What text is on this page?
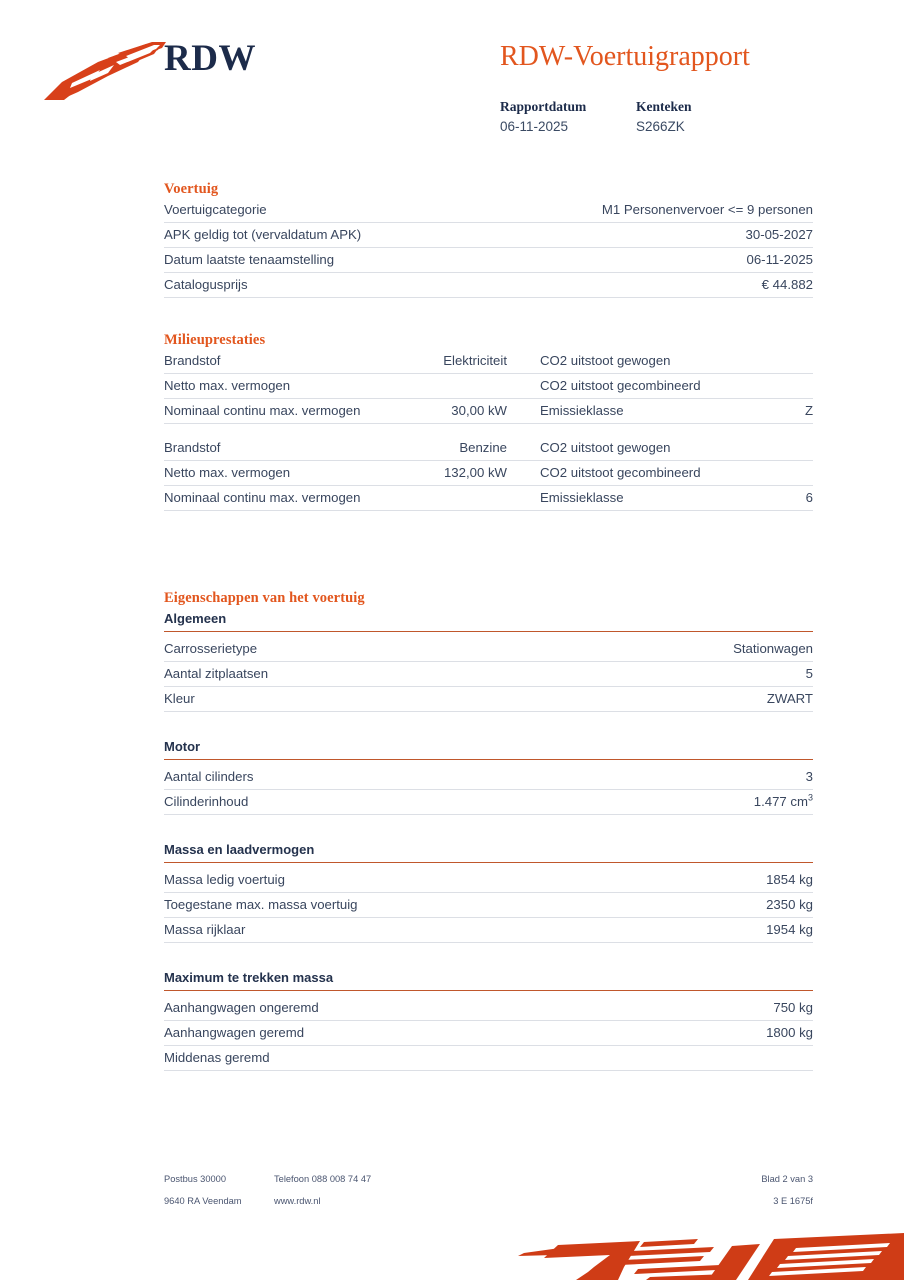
RDW	RDW-Voertuigrapport
Rapportdatum	Kenteken
06-11-2025	S266ZK
Voertuig
Voertuigcategorie	M1 Personenvervoer <= 9 personen
APK geldig tot (vervaldatum APK)	30-05-2027
Datum laatste tenaamstelling	06-11-2025
Catalogusprijs	€ 44.882
Milieuprestaties
Brandstof	Elektriciteit	CO2 uitstoot gewogen	
Netto max. vermogen		CO2 uitstoot gecombineerd	
Nominaal continu max. vermogen	30,00 kW	Emissieklasse	Z
Brandstof	Benzine	CO2 uitstoot gewogen	
Netto max. vermogen	132,00 kW	CO2 uitstoot gecombineerd	
Nominaal continu max. vermogen		Emissieklasse	6
Eigenschappen van het voertuig
Algemeen
Carrosserietype	Stationwagen
Aantal zitplaatsen	5
Kleur	ZWART
Motor
Aantal cilinders	3
Cilinderinhoud	1.477 $cm^3$
Massa en laadvermogen
Massa ledig voertuig	1854 kg
Toegestane max. massa voertuig	2350 kg
Massa rijklaar	1954 kg
Maximum te trekken massa
Aanhangwagen ongeremd	750 kg
Aanhangwagen geremd	1800 kg
Middenas geremd	
Postbus 30000	Telefoon 088 008 74 47	Blad 2 van 3
9640 RA Veendam	www.rdw.nl	3 E 1675f
